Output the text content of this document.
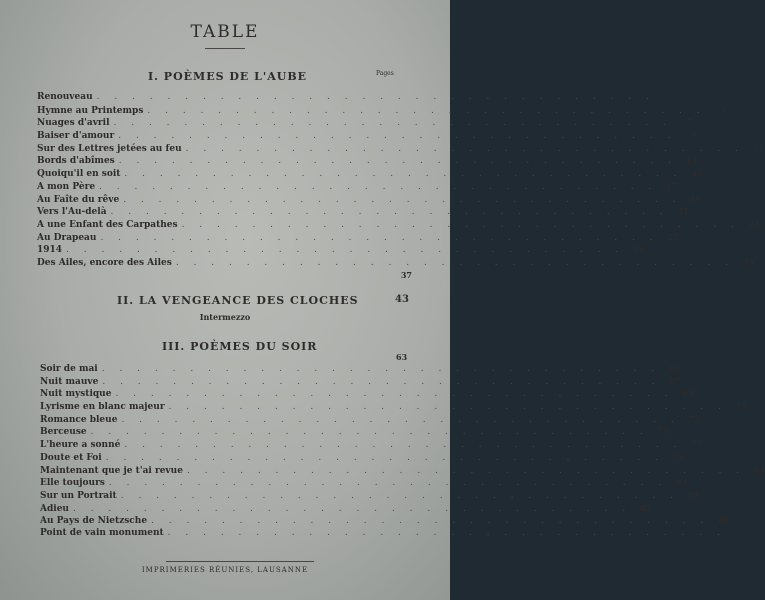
TABLE
I. POÈMES DE L'AUBE	Pages
Renouveau . . . . . . . . . . . . . . . . . . . . . . . . . . . . . . . .
Hymne au Printemps . . . . . . . . . . . . . . . . . . . . . . . . . . . . . . . .	5
Nuages d'avril . . . . . . . . . . . . . . . . . . . . . . . . . . . . . . . .	7
Baiser d'amour . . . . . . . . . . . . . . . . . . . . . . . . . . . . . . . .	9
Sur des Lettres jetées au feu . . . . . . . . . . . . . . . . . . . . . . . . . . . . . . . .	11
Bords d'abîmes . . . . . . . . . . . . . . . . . . . . . . . . . . . . . . . .	13
Quoiqu'il en soit . . . . . . . . . . . . . . . . . . . . . . . . . . . . . . . .	15
A mon Père . . . . . . . . . . . . . . . . . . . . . . . . . . . . . . . .	17
Au Faîte du rêve . . . . . . . . . . . . . . . . . . . . . . . . . . . . . . . .	19
Vers l'Au-delà . . . . . . . . . . . . . . . . . . . . . . . . . . . . . . . .	21
A une Enfant des Carpathes . . . . . . . . . . . . . . . . . . . . . . . . . . . . . . . .	25
Au Drapeau . . . . . . . . . . . . . . . . . . . . . . . . . . . . . . . .	27
1914 . . . . . . . . . . . . . . . . . . . . . . . . . . . . . . . .	29
Des Ailes, encore des Ailes . . . . . . . . . . . . . . . . . . . . . . . . . . . . . . . .	35
37
II. LA VENGEANCE DES CLOCHES	43
Intermezzo
III. POÈMES DU SOIR
63
Soir de mai . . . . . . . . . . . . . . . . . . . . . . . . . . . . . . . .	65
Nuit mauve . . . . . . . . . . . . . . . . . . . . . . . . . . . . . . . .	67
Nuit mystique . . . . . . . . . . . . . . . . . . . . . . . . . . . . . . . .	69
Lyrisme en blanc majeur . . . . . . . . . . . . . . . . . . . . . . . . . . . . . . . .	71
Romance bleue . . . . . . . . . . . . . . . . . . . . . . . . . . . . . . . .	73
Berceuse . . . . . . . . . . . . . . . . . . . . . . . . . . . . . . . .	75
L'heure a sonné . . . . . . . . . . . . . . . . . . . . . . . . . . . . . . . .	77
Doute et Foi . . . . . . . . . . . . . . . . . . . . . . . . . . . . . . . .	79
Maintenant que je t'ai revue . . . . . . . . . . . . . . . . . . . . . . . . . . . . . . . .	81
Elle toujours . . . . . . . . . . . . . . . . . . . . . . . . . . . . . . . .	83
Sur un Portrait . . . . . . . . . . . . . . . . . . . . . . . . . . . . . . . .	85
Adieu . . . . . . . . . . . . . . . . . . . . . . . . . . . . . . . .	87
Au Pays de Nietzsche . . . . . . . . . . . . . . . . . . . . . . . . . . . . . . . .	89
Point de vain monument . . . . . . . . . . . . . . . . . . . . . . . . . . . . . . . .
IMPRIMERIES RÉUNIES, LAUSANNE
